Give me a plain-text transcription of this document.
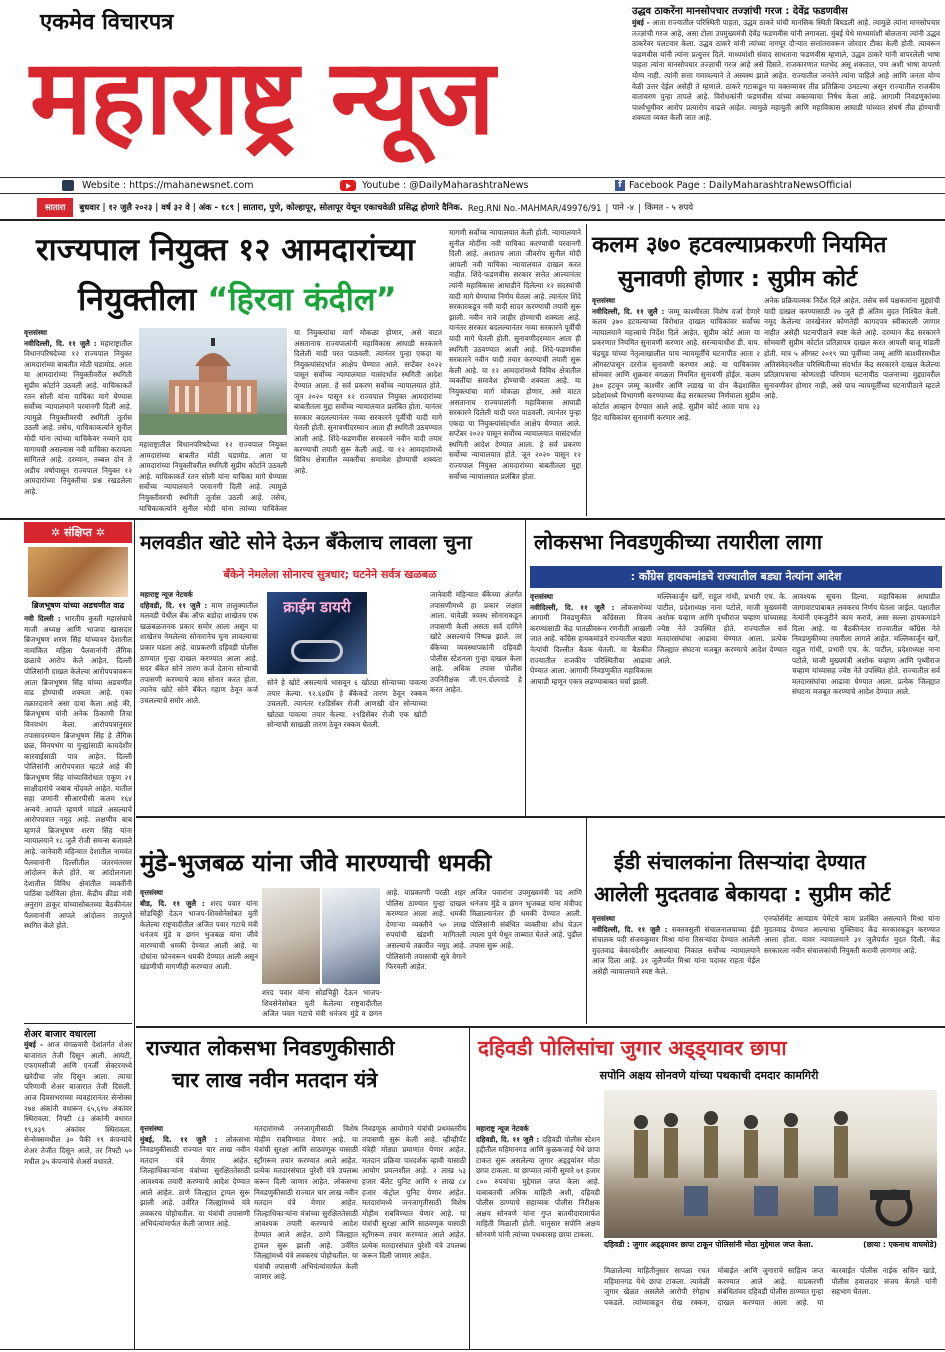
एकमेव विचारपत्र
महाराष्ट्र न्यूज
उद्धव ठाकरेंना मानसोपचार तज्ज्ञांची गरज : देवेंद्र फडणवीस
मुंबई - आता राज्यातील परिस्थिती पाहता, उद्धव ठाकरे यांची मानसिक स्थिती बिघडली आहे. त्यामुळे त्यांना मानसोपचार तज्ज्ञांची गरज आहे, असा टोला उपमुख्यमंत्री देवेंद्र फडणवीस यांनी लगावला. मुंबई येथे माध्यमांशी बोलताना त्यांनी उद्धव ठाकरेंवर पलटवार केला. उद्धव ठाकरे यांनी त्यांच्या नागपूर दौऱ्यात सत्तांतरावरून जोरदार टीका केली होती. त्यावरून फडणवीस यांनी त्यांना प्रत्युत्तर दिले. माध्यमांशी संवाद साधताना फडणवीस म्हणाले, उद्धव ठाकरे यांनी वापरलेली भाषा पाहता त्यांना मानसोपचार तज्ज्ञाची गरज आहे असे दिसते. राजकारणात मतभेद असू शकतात, पण अशी भाषा वापरणे योग्य नाही. त्यांनी सत्ता गमावल्याने ते अस्वस्थ झाले आहेत. राज्यातील जनतेने त्यांना पाहिले आहे आणि जनता योग्य वेळी उत्तर देईल असेही ते म्हणाले. ठाकरे गटाकडून या वक्तव्यावर तीव्र प्रतिक्रिया उमटल्या असून राज्यातील राजकीय वातावरण पुन्हा तापले आहे. विरोधकांनी फडणवीस यांच्या वक्तव्याचा निषेध केला आहे. आगामी निवडणुकांच्या पार्श्वभूमीवर आरोप प्रत्यारोप वाढले आहेत. त्यामुळे महायुती आणि महाविकास आघाडी यांच्यात संघर्ष तीव्र होण्याची शक्यता व्यक्त केली जात आहे.
Website : https://mahanewsnet.com	Youtube : @DailyMaharashtraNews	f Facebook Page : DailyMaharashtraNewsOfficial
सातारा	बुधवार | १२ जुलै २०२३ | वर्ष ३२ वे | अंक - १८९ | सातारा, पुणे, कोल्हापूर, सोलापूर येथून एकाचवेळी प्रसिद्ध होणारे दैनिक. Reg.RNI No.-MAHMAR/49976/91 | पाने -४ | किंमत - ५ रुपये
राज्यपाल नियुक्त १२ आमदारांच्या
नियुक्तीला “हिरवा कंदील”
वृत्तसंस्था
नवीदिल्ली, दि. ११ जुलै : महाराष्ट्रातील विधानपरिषदेच्या १२ राज्यपाल नियुक्त आमदारांच्या बाबतीत मोठी घडामोड. आता या आमदारांच्या नियुक्तीवरील स्थगिती सुप्रीम कोर्टाने उठवली आहे. याचिकाकर्ते रतन सोली यांना याचिका मागे घेण्यास सर्वोच्च न्यायालयाने परवानगी दिली आहे. त्यामुळे नियुक्तीवरची स्थगिती तूर्तास उठली आहे. तसेच, याचिकाकर्त्याने सुनील मोदी यांना त्यांच्या याचिकेवर नव्याने दाद मागायची असल्यास नवी याचिका करायला सांगितले आहे. दरम्यान, तब्बल दोन ते अडीच वर्षापासून राज्यपाल नियुक्त १२ आमदारांच्या नियुक्तीचा प्रश्न रखडलेला आहे.
महाराष्ट्रातील विधानपरिषदेच्या १२ राज्यपाल नियुक्त आमदारांच्या बाबतीत मोठी घडामोड. आता या आमदारांच्या नियुक्तीवरील स्थगिती सुप्रीम कोर्टाने उठवली आहे. याचिकाकर्ते रतन सोली यांना याचिका मागे घेण्यास सर्वोच्च न्यायालयाने परवानगी दिली आहे. त्यामुळे नियुक्तीवरची स्थगिती तूर्तास उठली आहे. तसेच, याचिकाकर्त्याने सुनील मोदी यांना त्यांच्या याचिकेवर
या नियुक्त्यांचा मार्ग मोकळा होणार, असे वाटत असतानाच राज्यपालांनी महाविकास आघाडी सरकारने दिलेली यादी परत पाठवली. त्यानंतर पुन्हा एकदा या नियुक्त्यांसंदर्भात आक्षेप घेण्यात आले. सप्टेंबर २०२२ पासून सर्वोच्च न्यायालयात यासंदर्भात स्थगिती आदेश देण्यात आला. हे सर्व प्रकरण सर्वोच्च न्यायालयात होते. जून २०२० पासून १२ राज्यपाल नियुक्त आमदारांच्या बाबतीतला मुद्दा सर्वोच्च न्यायालयात प्रलंबित होता. यानंतर सरकार बदलल्यानंतर नव्या सरकारने पूर्वीची यादी मागे घेतली होती. सुनावणीदरम्यान आता ही स्थगिती उठवण्यात आली आहे. शिंदे-फडणवीस सरकारने नवीन यादी तयार करण्याची तयारी सुरू केली आहे. या १२ आमदारांमध्ये विविध क्षेत्रातील व्यक्तींचा समावेश होण्याची शक्यता आहे.
मागणी सर्वोच्च न्यायालयात केली होती. न्यायालयाने सुनील मोदींना नवी याचिका करण्याची परवानगी दिली आहे. अशातच आता जीवरोप सुनील मोदी आपली नवी याचिका न्यायालयात दाखल करत नाहीत. शिंदे-फडणवीस सरकार सत्तेत आल्यानंतर त्यांनी महाविकास आघाडीने दिलेल्या १२ सदस्यांची यादी मागे घेण्याचा निर्णय घेतला आहे. त्यानंतर शिंदे सरकारकडून नवी यादी सादर करण्याची तयारी सुरू झाली. नवीन नावे जाहीर होण्याची शक्यता आहे. यानंतर सरकार बदलल्यानंतर नव्या सरकारने पूर्वीची यादी मागे घेतली होती. सुनावणीदरम्यान आता ही स्थगिती उठवण्यात आली आहे. शिंदे-फडणवीस सरकारने नवीन यादी तयार करण्याची तयारी सुरू केली आहे. या १२ आमदारांमध्ये विविध क्षेत्रातील व्यक्तींचा समावेश होण्याची शक्यता आहे. या नियुक्त्यांचा मार्ग मोकळा होणार, असे वाटत असतानाच राज्यपालांनी महाविकास आघाडी सरकारने दिलेली यादी परत पाठवली. त्यानंतर पुन्हा एकदा या नियुक्त्यांसंदर्भात आक्षेप घेण्यात आले. सप्टेंबर २०२२ पासून सर्वोच्च न्यायालयात यासंदर्भात स्थगिती आदेश देण्यात आला. हे सर्व प्रकरण सर्वोच्च न्यायालयात होते. जून २०२० पासून १२ राज्यपाल नियुक्त आमदारांच्या बाबतीतला मुद्दा सर्वोच्च न्यायालयात प्रलंबित होता.
कलम ३७० हटवल्याप्रकरणी नियमित
सुनावणी होणार : सुप्रीम कोर्ट
वृत्तसंस्था
नवीदिल्ली, दि. ११ जुलै : जम्मू काश्मीरला विशेष दर्जा देणारे कलम ३७० हटवल्याच्या विरोधात दाखल याचिकांवर सर्वोच्च न्यायालयाने महत्त्वाचे निर्देश दिले आहेत. सुप्रीम कोर्ट आता या प्रकरणात नियमित सुनावणी करणार आहे. सरन्यायाधीश डी. वाय. चंद्रचूड यांच्या नेतृत्वाखालील पाच न्यायमूर्तींचे घटनापीठ आता २ ऑगस्टपासून दररोज सुनावणी करणार आहे. या याचिकांवर सोमवार आणि शुक्रवार वगळता नियमित सुनावणी होईल. कलम ३७० हटवून जम्मू काश्मीर आणि लडाख या दोन केंद्रशासित प्रदेशांमध्ये विभागणी करण्याच्या केंद्र सरकारच्या निर्णयाला सुप्रीम कोर्टात आव्हान देण्यात आले आहे. सुप्रीम कोर्ट आता याच २३ हिट याचिकांवर सुनावणी करणार आहे.
अनेक प्रक्रियात्मक निर्देश दिले आहेत. तसेच सर्व पक्षकारांना मुद्द्यांची यादी दाखल करण्यासाठी २७ जुलै ही अंतिम मुदत निश्चित केली. नमूद केलेल्या तारखेनंतर कोणतेही कागदपत्र स्वीकारली जाणार नाहीत असेही घटनापीठाने स्पष्ट केले आहे. दरम्यान केंद्र सरकारने सोमवारी सुप्रीम कोर्टात प्रतिज्ञापत्र दाखल करत आपली बाजू मांडली होती. मात्र ५ ऑगस्ट २०१९ च्या पूर्वीच्या जम्मू आणि काश्मीरमधील अतिसंवेदनशील परिस्थितीच्या संदर्भात केंद्र सरकारने दाखल केलेल्या प्रतिज्ञापत्राचा कोणताही परिणाम घटनापीठ पालनाच्या मुद्द्यावरील सुनावणीवर होणार नाही, असे पाच न्यायमूर्तींच्या घटनापीठाने म्हटले आहे.
✲ संक्षिप्त ✲
ब्रिजभूषण यांच्या अडचणीत वाढ
नवी दिल्ली : भारतीय कुस्ती महासंघाचे माजी अध्यक्ष आणि भाजपा खासदार ब्रिजभूषण शरण सिंह यांच्यावर देशातील नामांकित महिला पैलवानांनी लैंगिक छळाचे आरोप केले आहेत. दिल्ली पोलिसांनी दाखल केलेल्या आरोपपत्रावरून आता ब्रिजभूषण सिंह यांच्या अडचणीत वाढ होण्याची शक्यता आहे. एका तक्रारदाराने असा दावा केला आहे की, ब्रिजभूषण यांनी अनेक ठिकाणी तिचा विनयभंग केला. आरोपपत्रानुसार तपासादरम्यान ब्रिजभूषण सिंह हे लैंगिक छळ, विनयभंग या गुन्ह्यांसाठी कायदेशीर कारवाईसाठी पात्र आहेत. दिल्ली पोलिसांनी आरोपपत्रात म्हटले आहे की ब्रिजभूषण सिंह यांच्याविरोधात एकूण २१ साक्षीदारांचे जबाब नोंदवले आहेत. यातील सहा जणांनी सीआरपीसी कलम १६४ अन्वये आपले म्हणणे मांडले असल्याचे आरोपपत्रात नमूद आहे. लक्षणीय बाब म्हणजे ब्रिजभूषण शरण सिंह यांना न्यायालयाने १८ जुलै रोजी समन्स बजावले आहे. जानेवारी महिन्यात देशातील नामवंत पैलवानांनी दिल्लीतील जंतरमंतरवर आंदोलन केले होते. या आंदोलनाला देशातील विविध क्षेत्रांतील व्यक्तींनी पाठिंबा दर्शविला होता. केंद्रीय क्रीडा मंत्री अनुराग ठाकूर यांच्यासोबतच्या बैठकीनंतर पैलवानांनी आपले आंदोलन तात्पुरते स्थगित केले होते.
शेअर बाजार वधारला
मुंबई - आज मंगळवारी देशांतर्गत शेअर बाजारात तेजी दिसून आली. आयटी, एफएमसीजी आणि एनर्जी सेक्टरमध्ये खरेदीचा जोर दिसून आला. त्याचा परिणामी शेअर बाजारात तेजी दिसली. आज दिवसभराच्या व्यवहारानंतर सेन्सेक्स २७४ अंकांनी वधारून ६५,६१७ अंकांवर स्थिरावला. निफ्टी ८३ अंकांनी वधारत १९,४३९ अंकांवर स्थिरावला. सेन्सेक्समधील ३० पैकी १९ कंपन्यांचे शेअर तेजीत दिसून आले, तर निफ्टी ५० मधील ३५ कंपन्यांचे शेअर्स वधारले.
मलवडीत खोटे सोने देऊन बँकेलाच लावला चुना
बँकेने नेमलेला सोनारच सुत्रधार; घटनेने सर्वत्र खळबळ
महाराष्ट्र न्यूज नेटवर्क
दहिवडी, दि. ११ जुलै : माण तालुक्यातील मलवडी येथील बँक ऑफ बडोदा शाखेतच एक खळबळजनक प्रकार समोर आला असून या शाखेतच नेमलेल्या सोनारानेच चुना लावल्याचा प्रकार घडला आहे. याप्रकरणी दहिवडी पोलीस ठाण्यात गुन्हा दाखल करण्यात आला आहे. सदर बँकेत सोने तारण कर्ज देताना सोन्याची तपासणी करण्याचे काम सोनार करत होता. त्यानेच खोटे सोने बँकेत गहाण ठेवून कर्ज उचलल्याचे समोर आले.
क्राईम डायरी
सोने हे खोटे असल्याचे भासवून ६ खोट्या सोन्याच्या पावत्या तयार केल्या. ९२.६४ग्रॅम हे बँकेकडे तारण ठेवून रक्कम उचलली. त्यानंतर १४डिसेंबर रोजी आणखी दोन सोन्याच्या खोट्या पावत्या तयार केल्या. २९डिसेंबर रोजी एक खोटी सोन्याची साखळी तारण ठेवून रक्कम घेतली.
जानेवारी महिन्यात बँकेच्या अंतर्गत तपासणीमध्ये हा प्रकार लक्षात आला. यावेळी त्रयस्थ सोनाराकडून तपासणी केली असता सर्व दागिने खोटे असल्याचे निष्पन्न झाले. तर बँकेच्या व्यवस्थापकांनी दहिवडी पोलीस स्टेशनला गुन्हा दाखल केला आहे. अधिक तपास पोलीस उपनिरीक्षक जी.एन.दोलताडे हे करत आहेत.
लोकसभा निवडणुकीच्या तयारीला लागा
: काँग्रेस हायकमांडचे राज्यातील बड्या नेत्यांना आदेश
वृत्तसंस्था
नवीदिल्ली, दि. ११ जुलै : लोकसभेच्या आगामी निवडणुकीत काँग्रेसला विजय करण्यासाठी केंद्र पातळीवरून रणनीती आखली जात आहे. काँग्रेस हायकमांडने राज्यातील बड्या नेत्यांची दिल्लीत बैठक घेतली. या बैठकीत राज्यातील राजकीय परिस्थितीचा आढावा घेण्यात आला. आगामी निवडणुकीत महाविकास आघाडी म्हणून एकत्र लढण्याबाबत चर्चा झाली.
मल्लिकार्जुन खर्गे, राहुल गांधी, प्रभारी एच. के. पाटील, प्रदेशाध्यक्ष नाना पटोले, माजी मुख्यमंत्री अशोक चव्हाण आणि पृथ्वीराज चव्हाण यांच्यासह ज्येष्ठ नेते उपस्थित होते. राज्यातील सर्व मतदारसंघांचा आढावा घेण्यात आला. प्रत्येक जिल्ह्यात संघटना मजबूत करण्याचे आदेश देण्यात आले.
आवश्यक सूचना दिल्या. महाविकास आघाडीत जागावाटपाबाबत लवकरच निर्णय घेतला जाईल. पक्षातील नेत्यांनी एकजुटीने काम करावे, असा सल्ला हायकमांडने दिला आहे. या बैठकीनंतर राज्यातील काँग्रेस नेते निवडणुकीच्या तयारीला लागले आहेत. मल्लिकार्जुन खर्गे, राहुल गांधी, प्रभारी एच. के. पाटील, प्रदेशाध्यक्ष नाना पटोले, माजी मुख्यमंत्री अशोक चव्हाण आणि पृथ्वीराज चव्हाण यांच्यासह ज्येष्ठ नेते उपस्थित होते. राज्यातील सर्व मतदारसंघांचा आढावा घेण्यात आला. प्रत्येक जिल्ह्यात संघटना मजबूत करण्याचे आदेश देण्यात आले.
मुंडे-भुजबळ यांना जीवे मारण्याची धमकी
वृत्तसंस्था
बीड, दि. ११ जुलै : शरद पवार यांना सोडचिठ्ठी देऊन भाजप-शिवसेनेसोबत युती केलेल्या राष्ट्रवादीतील अजित पवार गटाचे मंत्री धनंजय मुंडे व छगन भुजबळ यांना जीवे मारण्याची धमकी देण्यात आली आहे. या दोघांना फोनवरून धमकी देण्यात आली असून खंडणीची मागणीही करण्यात आली.
शरद पवार यांना सोडचिठ्ठी देऊन भाजप-शिवसेनेसोबत युती केलेल्या राष्ट्रवादीतील अजित पवार गटाचे मंत्री धनंजय मुंडे व छगन
आहे. याप्रकरणी परळी शहर पोलिस ठाण्यात गुन्हा दाखल करण्यात आला आहे. धमकी देणाऱ्या व्यक्तीने ५० लाख रुपयांची खंडणी मागितली असल्याचे तक्रारीत नमूद आहे. पोलिसांनी तपासाची सूत्रे वेगाने फिरवली आहेत.
अजित पवारांना उपमुख्यमंत्री पद आणि धनंजय मुंडे व छगन भुजबळ यांना मंत्रीपद मिळाल्यानंतर ही धमकी देण्यात आली. पोलिसांनी संबंधित व्यक्तीचा शोध घेऊन त्याला पुणे येथून ताब्यात घेतले आहे. पुढील तपास सुरू आहे.
ईडी संचालकांना तिसऱ्यांदा देण्यात
आलेली मुदतवाढ बेकायदा : सुप्रीम कोर्ट
वृत्तसंस्था
नवीदिल्ली, दि. ११ जुलै : सक्तवसुली संचालनालयाच्या ईडी संचालक पदी संजयकुमार मिश्रा यांना तिसऱ्यांदा देण्यात आलेली मुदतवाढ बेकायदेशीर असल्याचा निकाल सर्वोच्च न्यायालयाने आज दिला आहे. ३१ जुलैपर्यंत मिश्रा यांना पदावर राहता येईल असेही न्यायालयाने स्पष्ट केले.
एनफोर्समेंट आयडाय पेमेंटचे काम प्रलंबित असल्याने मिश्रा यांना मुदतवाढ देण्यात आल्याचा युक्तिवाद केंद्र सरकारकडून करण्यात आला होता. यावर न्यायालयाने ३१ जुलैपर्यंत मुदत दिली. केंद्र सरकारला नवीन संचालकांची नियुक्ती करावी लागणार आहे.
राज्यात लोकसभा निवडणुकीसाठी
चार लाख नवीन मतदान यंत्रे
वृत्तसंस्था
मुंबई, दि. ११ जुलै : लोकसभा निवडणुकीसाठी राज्यात चार लाख नवीन मतदान यंत्रे येणार आहेत. जिल्हाधिकाऱ्यांना यंत्रांच्या सुरक्षिततेसाठी आवश्यक तयारी करण्याचे आदेश देण्यात आले आहेत. ठाणे जिल्ह्यात ट्रायल सुरू झाली आहे. उर्वरित जिल्ह्यांमध्ये यंत्रे लवकरच पोहोचतील. या यंत्रांची तपासणी अभियंत्यांमार्फत केली जाणार आहे.
मतदारांमध्ये जनजागृतीसाठी विशेष मोहीम राबविण्यात येणार आहे. या यंत्रांची सुरक्षा आणि साठवणूक यासाठी स्ट्राँगरूम तयार करण्यात आले आहेत. प्रत्येक मतदारसंघात पुरेशी यंत्रे उपलब्ध करून दिली जाणार आहेत. लोकसभा निवडणुकीसाठी राज्यात चार लाख नवीन मतदान यंत्रे येणार आहेत. जिल्हाधिकाऱ्यांना यंत्रांच्या सुरक्षिततेसाठी आवश्यक तयारी करण्याचे आदेश देण्यात आले आहेत. ठाणे जिल्ह्यात ट्रायल सुरू झाली आहे. उर्वरित जिल्ह्यांमध्ये यंत्रे लवकरच पोहोचतील. या यंत्रांची तपासणी अभियंत्यांमार्फत केली जाणार आहे.
निवडणूक आयोगाने यंत्रांची प्रथमस्तरीय तपासणी सुरू केली आहे. व्हीव्हीपॅट यंत्रेही मोठ्या प्रमाणात येणार आहेत. मतदान प्रक्रिया पारदर्शक व्हावी यासाठी आयोग प्रयत्नशील आहे. २ लाख ५३ हजार बॅलेट युनिट आणि १ लाख ८४ हजार कंट्रोल युनिट येणार आहेत. मतदारांमध्ये जनजागृतीसाठी विशेष मोहीम राबविण्यात येणार आहे. या यंत्रांची सुरक्षा आणि साठवणूक यासाठी स्ट्राँगरूम तयार करण्यात आले आहेत. प्रत्येक मतदारसंघात पुरेशी यंत्रे उपलब्ध करून दिली जाणार आहेत.
दहिवडी पोलिसांचा जुगार अड्ड्यावर छापा
सपोनि अक्षय सोनवणे यांच्या पथकाची दमदार कामगिरी
महाराष्ट्र न्यूज नेटवर्क
दहिवडी, दि. ११ जुलै : दहिवडी पोलीस स्टेशन हद्दीतील महिमानगड आणि कुळकजाई येथे छापा टाकत सुरू असलेल्या जुगार अड्ड्यांवर मोठा छापा टाकला. या छाप्यात त्यांनी सुमारे ७१ हजार ८०० रुपयांचा मुद्देमाल जप्त केला आहे. याबाबतची अधिक माहिती अशी, दहिवडी पोलीस ठाण्याचे सहाय्यक पोलीस निरीक्षक अक्षय सोनवणे यांना गुप्त बातमीदारामार्फत माहिती मिळाली होती. यानुसार सपोनि अक्षय सोनवणे यांनी त्यांच्या पथकासह छापा टाकला.
दहिवडी : जुगार अड्ड्यावर छापा टाकून पोलिसांनी मोठा मुद्देमाल जप्त केला.	(छाया : एकनाथ वाघमोडे)
मिळालेल्या माहितीनुसार सापळा रचत महिमानगड येथे छापा टाकला. त्यावेळी जुगार खेळत असलेले आरोपी रंगेहाथ पकडले. त्यांच्याकडून रोख रक्कम, मोबाईल आणि जुगाराचे साहित्य जप्त करण्यात आले आहे. याप्रकरणी संबंधितांवर दहिवडी पोलीस ठाण्यात गुन्हा दाखल करण्यात आला आहे. या कारवाईत पोलीस नाईक सचिन खाडे, पोलीस हवालदार संजय केंगले यांनी सहभाग घेतला.
